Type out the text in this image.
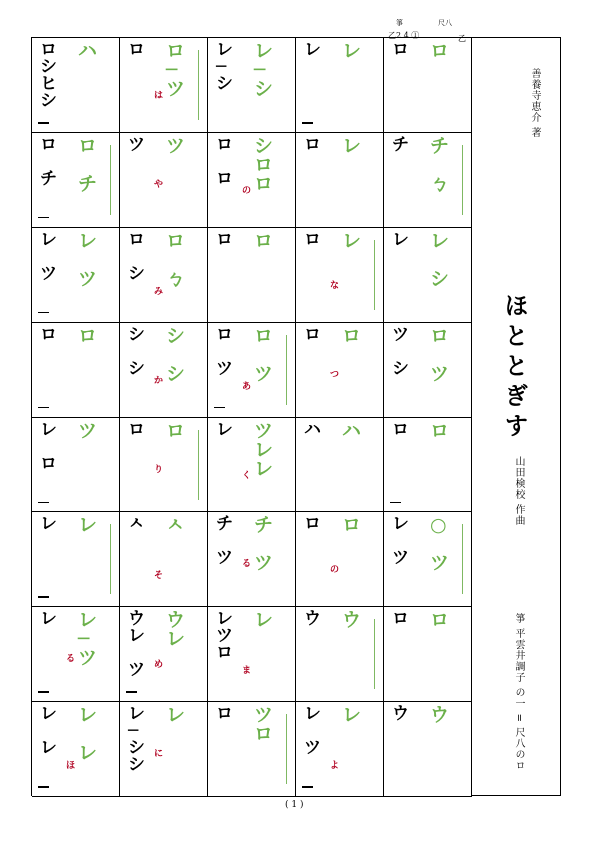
箏	尺八
乙2 4 ①	乙
ロ
シ
ヒ
シ
ハ ロ ロ
─
ツ
は
レ
─
シ
レ
─
シ
レ レ ロ ロ
ロ

チ
ロ

チ
ツ ツ
や
ロ

ロ
シ
ロ
ロ
の
ロ レ チ チ

ㄅ
レ

ツ
レ

ツ
ロ

シ
ロ

ㄅ
み
ロ ロ ロ レ
な
レ レ

シ
ロ ロ シ

シ
シ

シ
か
ロ

ツ
ロ

ツ
あ
ロ ロ
つ
ツ

シ
ロ

ツ
レ

ロ
ツ ロ ロ
り
レ ツ
レ
レ
く
ハ ハ ロ ロ
レ レ ㅅ ㅅ
そ
チ

ツ
チ

ツ
る
ロ ロ
の
レ

ツ
○

ツ
レ レ
─
ツ
る
ウ
レ

ツ
ウ
レ
め
レ
ツ
ロ
レ
ま
ウ ウ ロ ロ
レ

レ
レ

レ
ほ
レ
─
シ
シ
レ
に
ロ ツ
ロ
レ

ツ
レ
よ
ウ ウ
善養寺恵介 著
ほととぎす
山田検校 作曲
箏 平雲井調子 の一 = 尺八のロ
( 1 )
